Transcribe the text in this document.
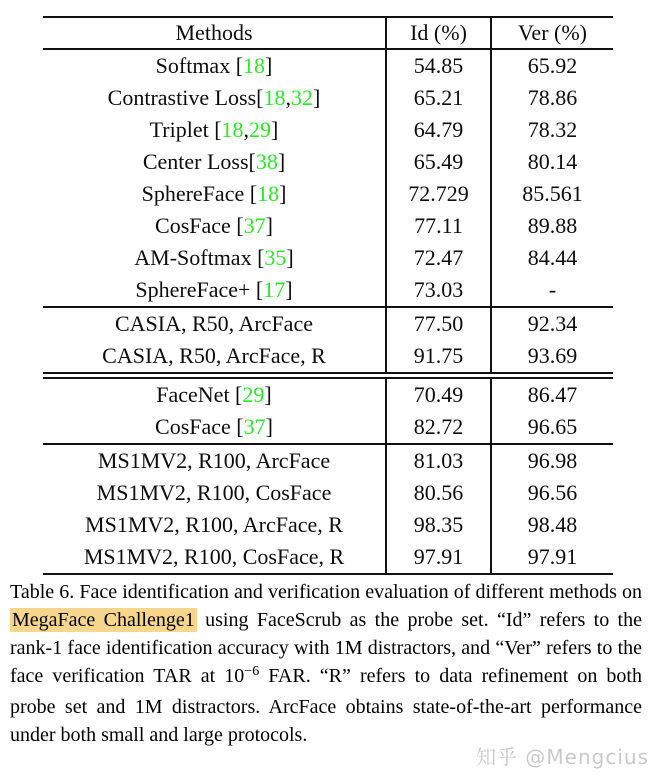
Methods	Id (%)	Ver (%)
Softmax [ 18 ]	54.85	65.92
Contrastive Loss[ 18 , 32 ]	65.21	78.86
Triplet [ 18 , 29 ]	64.79	78.32
Center Loss[ 38 ]	65.49	80.14
SphereFace [ 18 ]	72.729	85.561
CosFace [ 37 ]	77.11	89.88
AM-Softmax [ 35 ]	72.47	84.44
SphereFace+ [ 17 ]	73.03	-
CASIA, R50, ArcFace	77.50	92.34
CASIA, R50, ArcFace, R	91.75	93.69
FaceNet [ 29 ]	70.49	86.47
CosFace [ 37 ]	82.72	96.65
MS1MV2, R100, ArcFace	81.03	96.98
MS1MV2, R100, CosFace	80.56	96.56
MS1MV2, R100, ArcFace, R	98.35	98.48
MS1MV2, R100, CosFace, R	97.91	97.91

Table 6. Face identification and verification evaluation of different methods on MegaFace Challenge1 using FaceScrub as the probe set. “Id” refers to the rank-1 face identification accuracy with 1M distractors, and “Ver” refers to the face verification TAR at $10^{-6}$ FAR. “R” refers to data refinement on both probe set and 1M distractors. ArcFace obtains state-of-the-art performance under both small and large protocols.

知乎 @Mengcius
